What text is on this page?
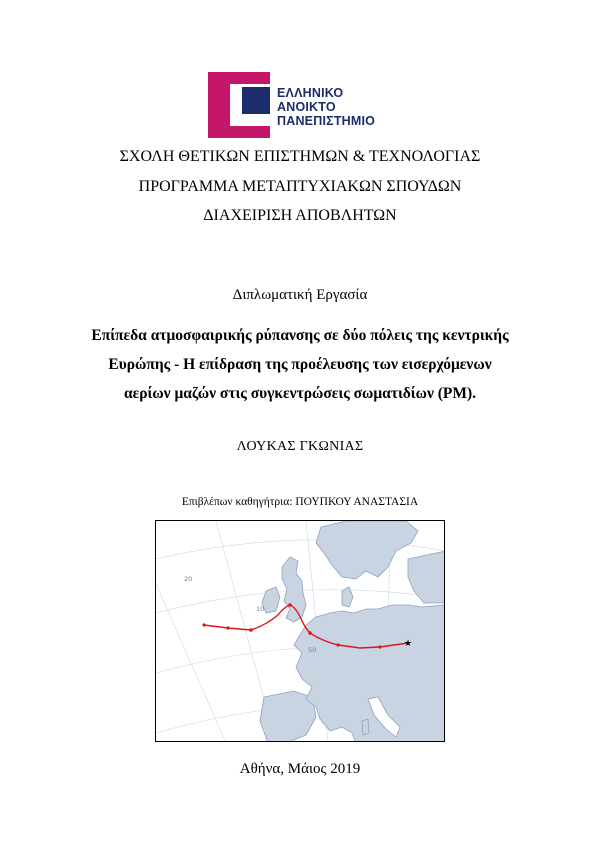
ΕΛΛΗΝΙΚΟ
ΑΝΟΙΚΤΟ
ΠΑΝΕΠΙΣΤΗΜΙΟ
ΣΧΟΛΗ ΘΕΤΙΚΩΝ ΕΠΙΣΤΗΜΩΝ & ΤΕΧΝΟΛΟΓΙΑΣ
ΠΡΟΓΡΑΜΜΑ ΜΕΤΑΠΤΥΧΙΑΚΩΝ ΣΠΟΥΔΩΝ
ΔΙΑΧΕΙΡΙΣΗ ΑΠΟΒΛΗΤΩΝ
Διπλωματική Εργασία
Επίπεδα ατμοσφαιρικής ρύπανσης σε δύο πόλεις της κεντρικής
Ευρώπης - Η επίδραση της προέλευσης των εισερχόμενων
αερίων μαζών στις συγκεντρώσεις σωματιδίων (PM).
ΛΟΥΚΑΣ ΓΚΩΝΙΑΣ
Επιβλέπων καθηγήτρια: ΠΟΥΠΚΟΥ ΑΝΑΣΤΑΣΙΑ
20
10
50
★
Αθήνα, Μάιος 2019
